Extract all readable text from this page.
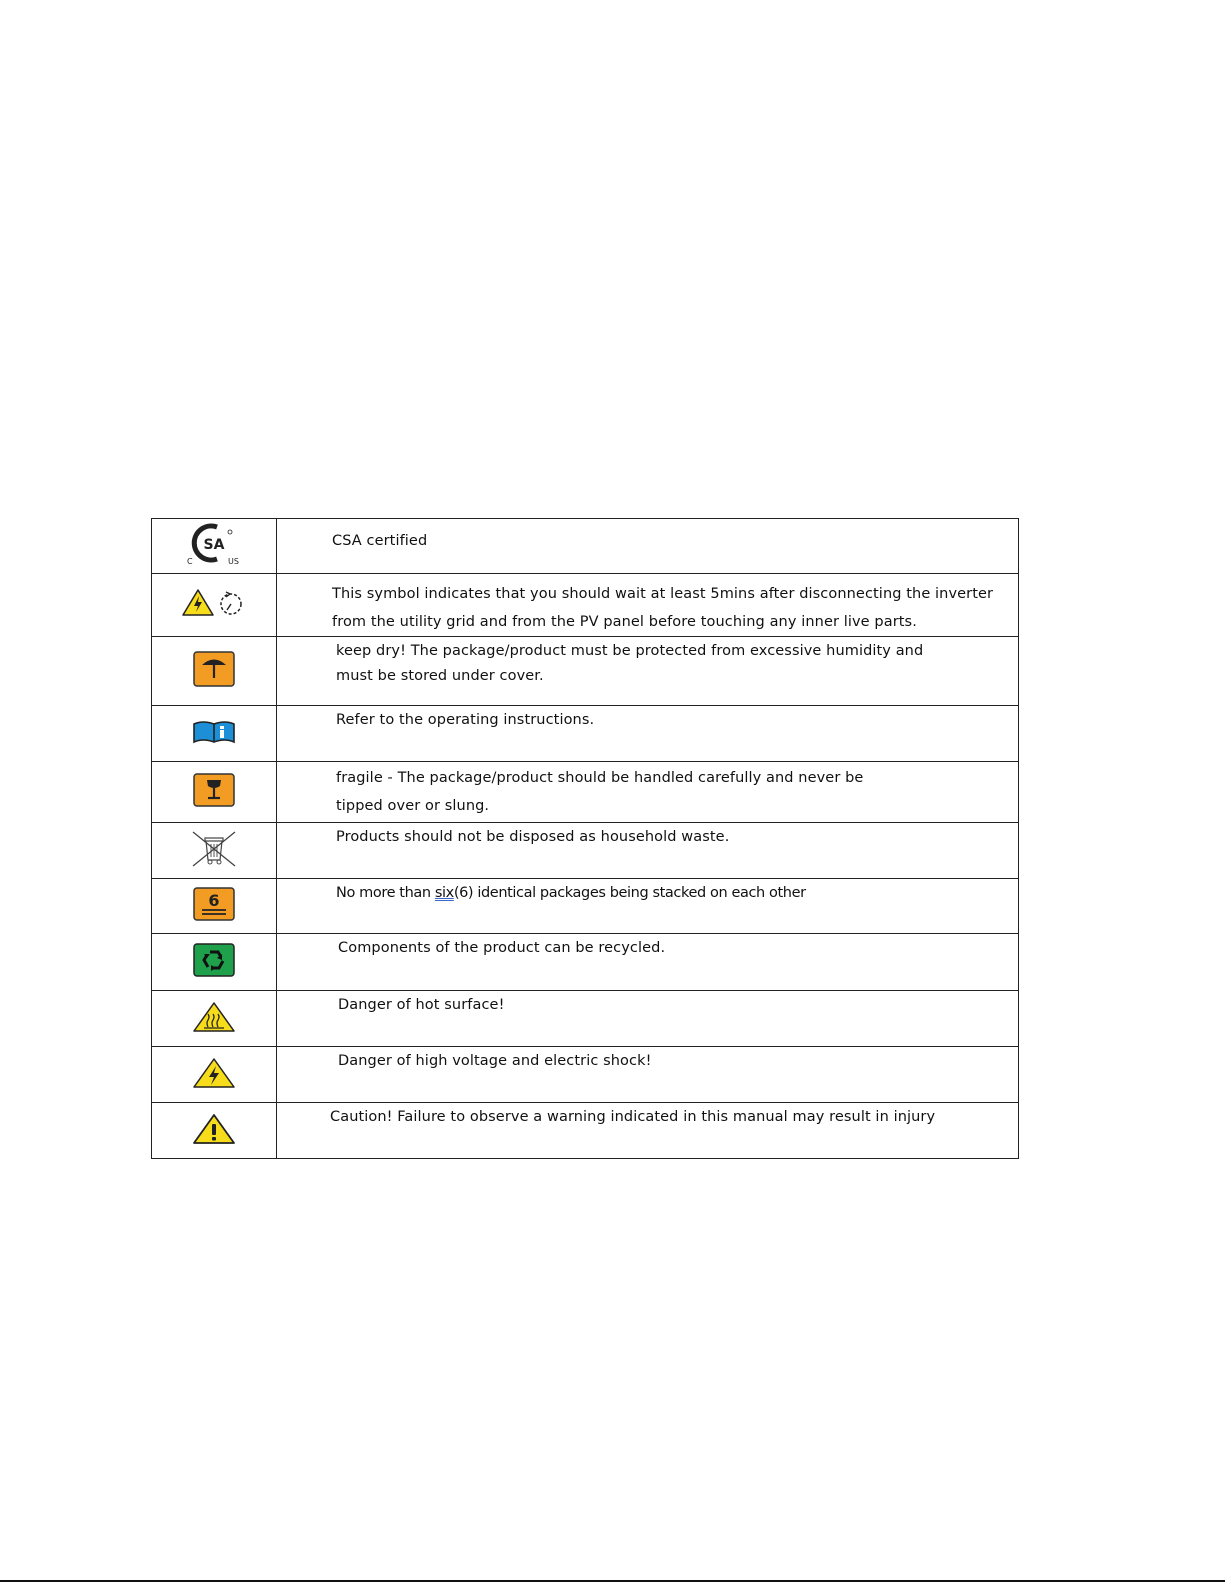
SA
C US	CSA certified

This symbol indicates that you should wait at least 5mins after disconnecting the inverter
from the utility grid and from the PV panel before touching any inner live parts.

keep dry! The package/product must be protected from excessive humidity and
must be stored under cover.

Refer to the operating instructions.

fragile - The package/product should be handled carefully and never be
tipped over or slung.

Products should not be disposed as household waste.

6	No more than six(6) identical packages being stacked on each other

Components of the product can be recycled.

Danger of hot surface!

Danger of high voltage and electric shock!

Caution! Failure to observe a warning indicated in this manual may result in injury
